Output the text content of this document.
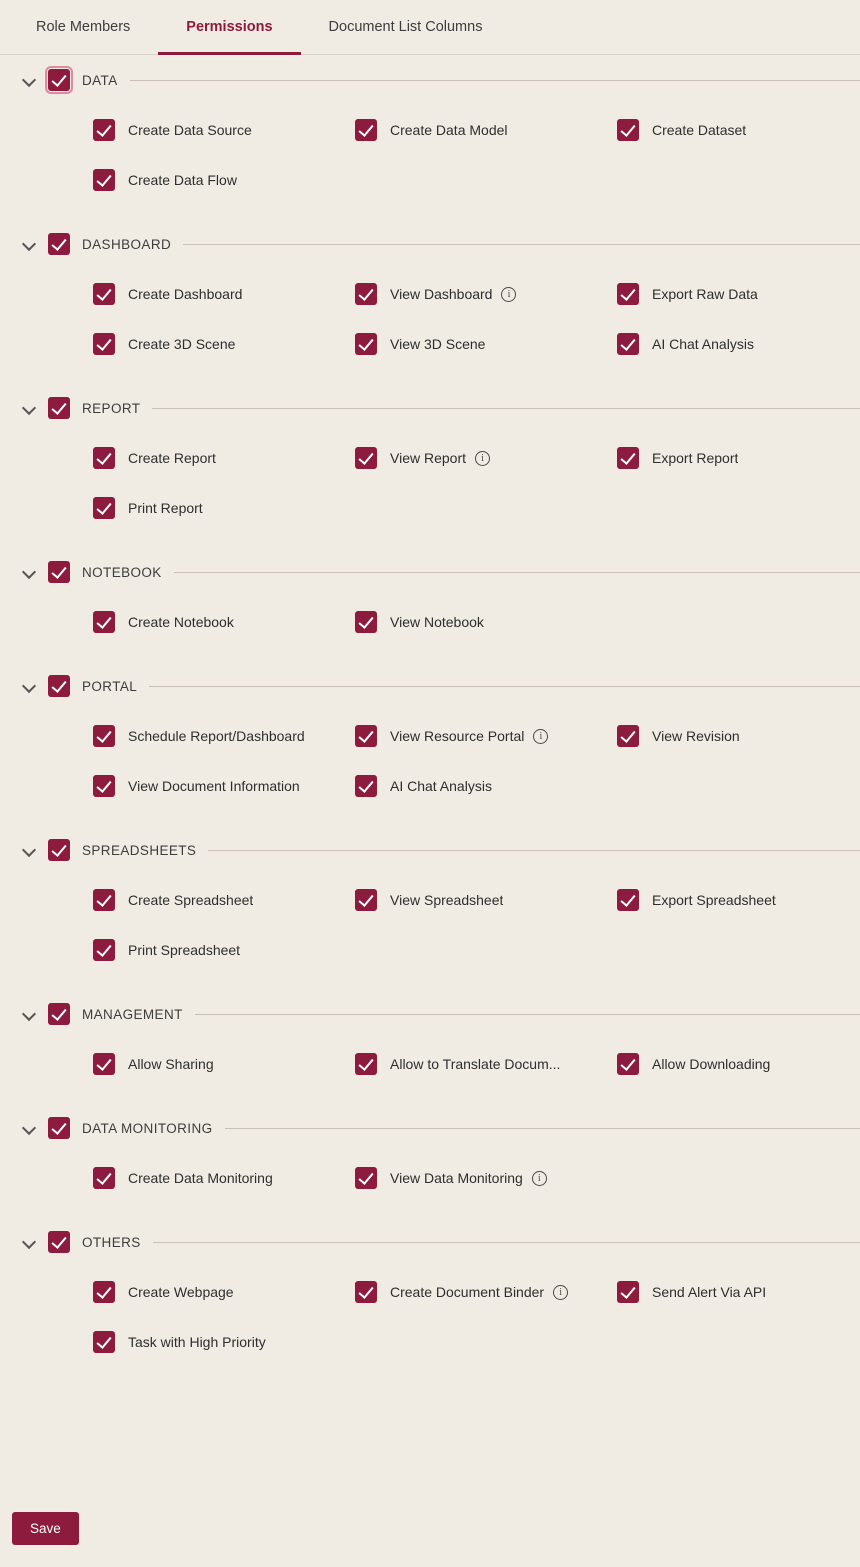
Role Members	Permissions	Document List Columns
DATA
Create Data Source	Create Data Model	Create Dataset
Create Data Flow
DASHBOARD
Create Dashboard	View Dashboard i	Export Raw Data
Create 3D Scene	View 3D Scene	AI Chat Analysis
REPORT
Create Report	View Report i	Export Report
Print Report
NOTEBOOK
Create Notebook	View Notebook
PORTAL
Schedule Report/Dashboard	View Resource Portal i	View Revision
View Document Information	AI Chat Analysis
SPREADSHEETS
Create Spreadsheet	View Spreadsheet	Export Spreadsheet
Print Spreadsheet
MANAGEMENT
Allow Sharing	Allow to Translate Docum...	Allow Downloading
DATA MONITORING
Create Data Monitoring	View Data Monitoring
i
OTHERS
Create Webpage	Create Document Binder i	Send Alert Via API
Task with High Priority
Save
